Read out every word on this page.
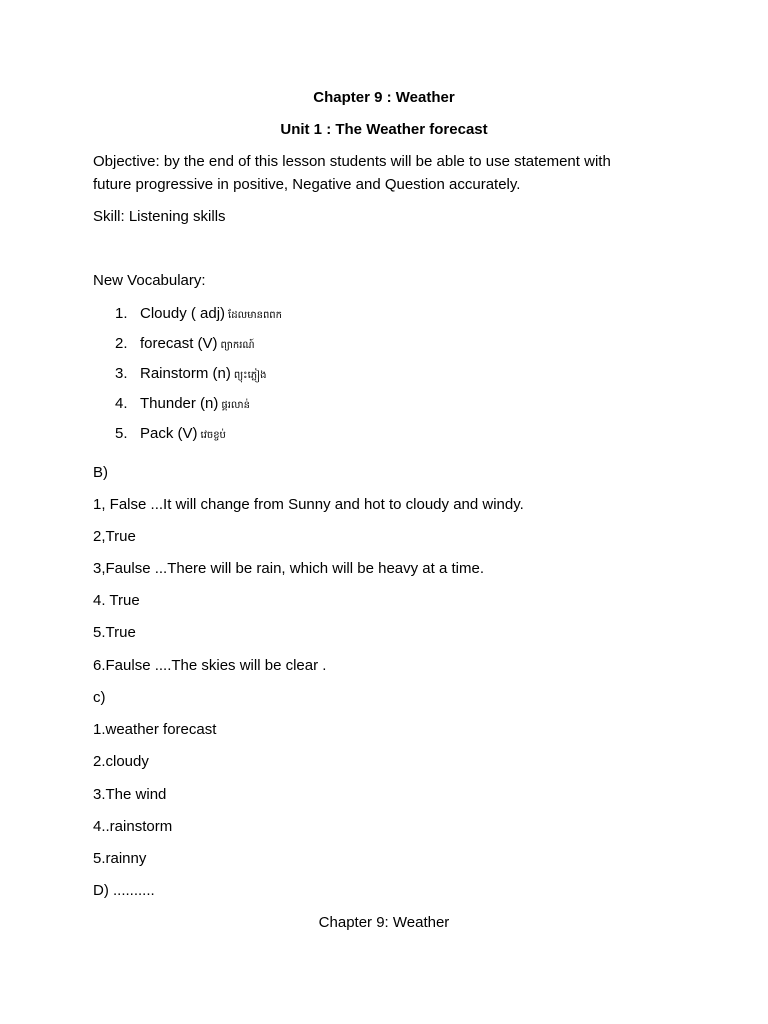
Chapter 9 : Weather
Unit 1 : The Weather forecast
Objective: by the end of this lesson students will be able to use statement with
future progressive in positive, Negative and Question accurately.
Skill: Listening skills
New Vocabulary:
1. Cloudy ( adj) ដែលមានពពក
2. forecast (V) ព្យាករណ៍
3. Rainstorm (n) ព្យុះភ្លៀង
4. Thunder (n) ផ្គរលាន់
5. Pack (V) វេចខ្ចប់
B)
1, False ...It will change from Sunny and hot to cloudy and windy.
2,True
3,Faulse ...There will be rain, which will be heavy at a time.
4. True
5.True
6.Faulse ....The skies will be clear .
c)
1.weather forecast
2.cloudy
3.The wind
4..rainstorm
5.rainny
D) ..........
Chapter 9: Weather
